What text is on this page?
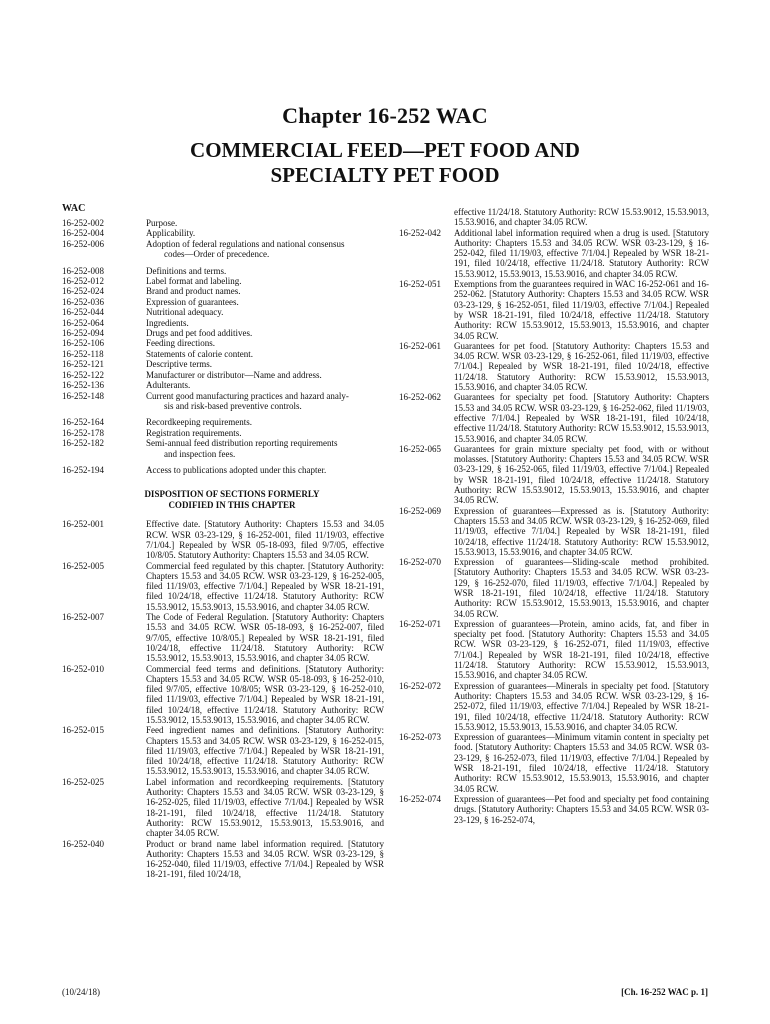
Chapter 16-252 WAC
COMMERCIAL FEED—PET FOOD AND SPECIALTY PET FOOD
WAC
16-252-002	Purpose.
16-252-004	Applicability.
16-252-006	Adoption of federal regulations and national consensus
codes—Order of precedence.
16-252-008	Definitions and terms.
16-252-012	Label format and labeling.
16-252-024	Brand and product names.
16-252-036	Expression of guarantees.
16-252-044	Nutritional adequacy.
16-252-064	Ingredients.
16-252-094	Drugs and pet food additives.
16-252-106	Feeding directions.
16-252-118	Statements of calorie content.
16-252-121	Descriptive terms.
16-252-122	Manufacturer or distributor—Name and address.
16-252-136	Adulterants.
16-252-148	Current good manufacturing practices and hazard analy-
sis and risk-based preventive controls.
16-252-164	Recordkeeping requirements.
16-252-178	Registration requirements.
16-252-182	Semi-annual feed distribution reporting requirements
and inspection fees.
16-252-194	Access to publications adopted under this chapter.
DISPOSITION OF SECTIONS FORMERLY
CODIFIED IN THIS CHAPTER
16-252-001	Effective date. [Statutory Authority: Chapters 15.53 and 34.05 RCW. WSR 03-23-129, § 16-252-001, filed 11/19/03, effective 7/1/04.] Repealed by WSR 05-18-093, filed 9/7/05, effective 10/8/05. Statutory Authority: Chapters 15.53 and 34.05 RCW.
16-252-005	Commercial feed regulated by this chapter. [Statutory Authority: Chapters 15.53 and 34.05 RCW. WSR 03-23-129, § 16-252-005, filed 11/19/03, effective 7/1/04.] Repealed by WSR 18-21-191, filed 10/24/18, effective 11/24/18. Statutory Authority: RCW 15.53.9012, 15.53.9013, 15.53.9016, and chapter 34.05 RCW.
16-252-007	The Code of Federal Regulation. [Statutory Authority: Chapters 15.53 and 34.05 RCW. WSR 05-18-093, § 16-252-007, filed 9/7/05, effective 10/8/05.] Repealed by WSR 18-21-191, filed 10/24/18, effective 11/24/18. Statutory Authority: RCW 15.53.9012, 15.53.9013, 15.53.9016, and chapter 34.05 RCW.
16-252-010	Commercial feed terms and definitions. [Statutory Authority: Chapters 15.53 and 34.05 RCW. WSR 05-18-093, § 16-252-010, filed 9/7/05, effective 10/8/05; WSR 03-23-129, § 16-252-010, filed 11/19/03, effective 7/1/04.] Repealed by WSR 18-21-191, filed 10/24/18, effective 11/24/18. Statutory Authority: RCW 15.53.9012, 15.53.9013, 15.53.9016, and chapter 34.05 RCW.
16-252-015	Feed ingredient names and definitions. [Statutory Authority: Chapters 15.53 and 34.05 RCW. WSR 03-23-129, § 16-252-015, filed 11/19/03, effective 7/1/04.] Repealed by WSR 18-21-191, filed 10/24/18, effective 11/24/18. Statutory Authority: RCW 15.53.9012, 15.53.9013, 15.53.9016, and chapter 34.05 RCW.
16-252-025	Label information and recordkeeping requirements. [Statutory Authority: Chapters 15.53 and 34.05 RCW. WSR 03-23-129, § 16-252-025, filed 11/19/03, effective 7/1/04.] Repealed by WSR 18-21-191, filed 10/24/18, effective 11/24/18. Statutory Authority: RCW 15.53.9012, 15.53.9013, 15.53.9016, and chapter 34.05 RCW.
16-252-040	Product or brand name label information required. [Statutory Authority: Chapters 15.53 and 34.05 RCW. WSR 03-23-129, § 16-252-040, filed 11/19/03, effective 7/1/04.] Repealed by WSR 18-21-191, filed 10/24/18,
effective 11/24/18. Statutory Authority: RCW 15.53.9012, 15.53.9013, 15.53.9016, and chapter 34.05 RCW.
16-252-042	Additional label information required when a drug is used. [Statutory Authority: Chapters 15.53 and 34.05 RCW. WSR 03-23-129, § 16-252-042, filed 11/19/03, effective 7/1/04.] Repealed by WSR 18-21-191, filed 10/24/18, effective 11/24/18. Statutory Authority: RCW 15.53.9012, 15.53.9013, 15.53.9016, and chapter 34.05 RCW.
16-252-051	Exemptions from the guarantees required in WAC 16-252-061 and 16-252-062. [Statutory Authority: Chapters 15.53 and 34.05 RCW. WSR 03-23-129, § 16-252-051, filed 11/19/03, effective 7/1/04.] Repealed by WSR 18-21-191, filed 10/24/18, effective 11/24/18. Statutory Authority: RCW 15.53.9012, 15.53.9013, 15.53.9016, and chapter 34.05 RCW.
16-252-061	Guarantees for pet food. [Statutory Authority: Chapters 15.53 and 34.05 RCW. WSR 03-23-129, § 16-252-061, filed 11/19/03, effective 7/1/04.] Repealed by WSR 18-21-191, filed 10/24/18, effective 11/24/18. Statutory Authority: RCW 15.53.9012, 15.53.9013, 15.53.9016, and chapter 34.05 RCW.
16-252-062	Guarantees for specialty pet food. [Statutory Authority: Chapters 15.53 and 34.05 RCW. WSR 03-23-129, § 16-252-062, filed 11/19/03, effective 7/1/04.] Repealed by WSR 18-21-191, filed 10/24/18, effective 11/24/18. Statutory Authority: RCW 15.53.9012, 15.53.9013, 15.53.9016, and chapter 34.05 RCW.
16-252-065	Guarantees for grain mixture specialty pet food, with or without molasses. [Statutory Authority: Chapters 15.53 and 34.05 RCW. WSR 03-23-129, § 16-252-065, filed 11/19/03, effective 7/1/04.] Repealed by WSR 18-21-191, filed 10/24/18, effective 11/24/18. Statutory Authority: RCW 15.53.9012, 15.53.9013, 15.53.9016, and chapter 34.05 RCW.
16-252-069	Expression of guarantees—Expressed as is. [Statutory Authority: Chapters 15.53 and 34.05 RCW. WSR 03-23-129, § 16-252-069, filed 11/19/03, effective 7/1/04.] Repealed by WSR 18-21-191, filed 10/24/18, effective 11/24/18. Statutory Authority: RCW 15.53.9012, 15.53.9013, 15.53.9016, and chapter 34.05 RCW.
16-252-070	Expression of guarantees—Sliding-scale method prohibited. [Statutory Authority: Chapters 15.53 and 34.05 RCW. WSR 03-23-129, § 16-252-070, filed 11/19/03, effective 7/1/04.] Repealed by WSR 18-21-191, filed 10/24/18, effective 11/24/18. Statutory Authority: RCW 15.53.9012, 15.53.9013, 15.53.9016, and chapter 34.05 RCW.
16-252-071	Expression of guarantees—Protein, amino acids, fat, and fiber in specialty pet food. [Statutory Authority: Chapters 15.53 and 34.05 RCW. WSR 03-23-129, § 16-252-071, filed 11/19/03, effective 7/1/04.] Repealed by WSR 18-21-191, filed 10/24/18, effective 11/24/18. Statutory Authority: RCW 15.53.9012, 15.53.9013, 15.53.9016, and chapter 34.05 RCW.
16-252-072	Expression of guarantees—Minerals in specialty pet food. [Statutory Authority: Chapters 15.53 and 34.05 RCW. WSR 03-23-129, § 16-252-072, filed 11/19/03, effective 7/1/04.] Repealed by WSR 18-21-191, filed 10/24/18, effective 11/24/18. Statutory Authority: RCW 15.53.9012, 15.53.9013, 15.53.9016, and chapter 34.05 RCW.
16-252-073	Expression of guarantees—Minimum vitamin content in specialty pet food. [Statutory Authority: Chapters 15.53 and 34.05 RCW. WSR 03-23-129, § 16-252-073, filed 11/19/03, effective 7/1/04.] Repealed by WSR 18-21-191, filed 10/24/18, effective 11/24/18. Statutory Authority: RCW 15.53.9012, 15.53.9013, 15.53.9016, and chapter 34.05 RCW.
16-252-074	Expression of guarantees—Pet food and specialty pet food containing drugs. [Statutory Authority: Chapters 15.53 and 34.05 RCW. WSR 03-23-129, § 16-252-074,
(10/24/18)	[Ch. 16-252 WAC p. 1]
